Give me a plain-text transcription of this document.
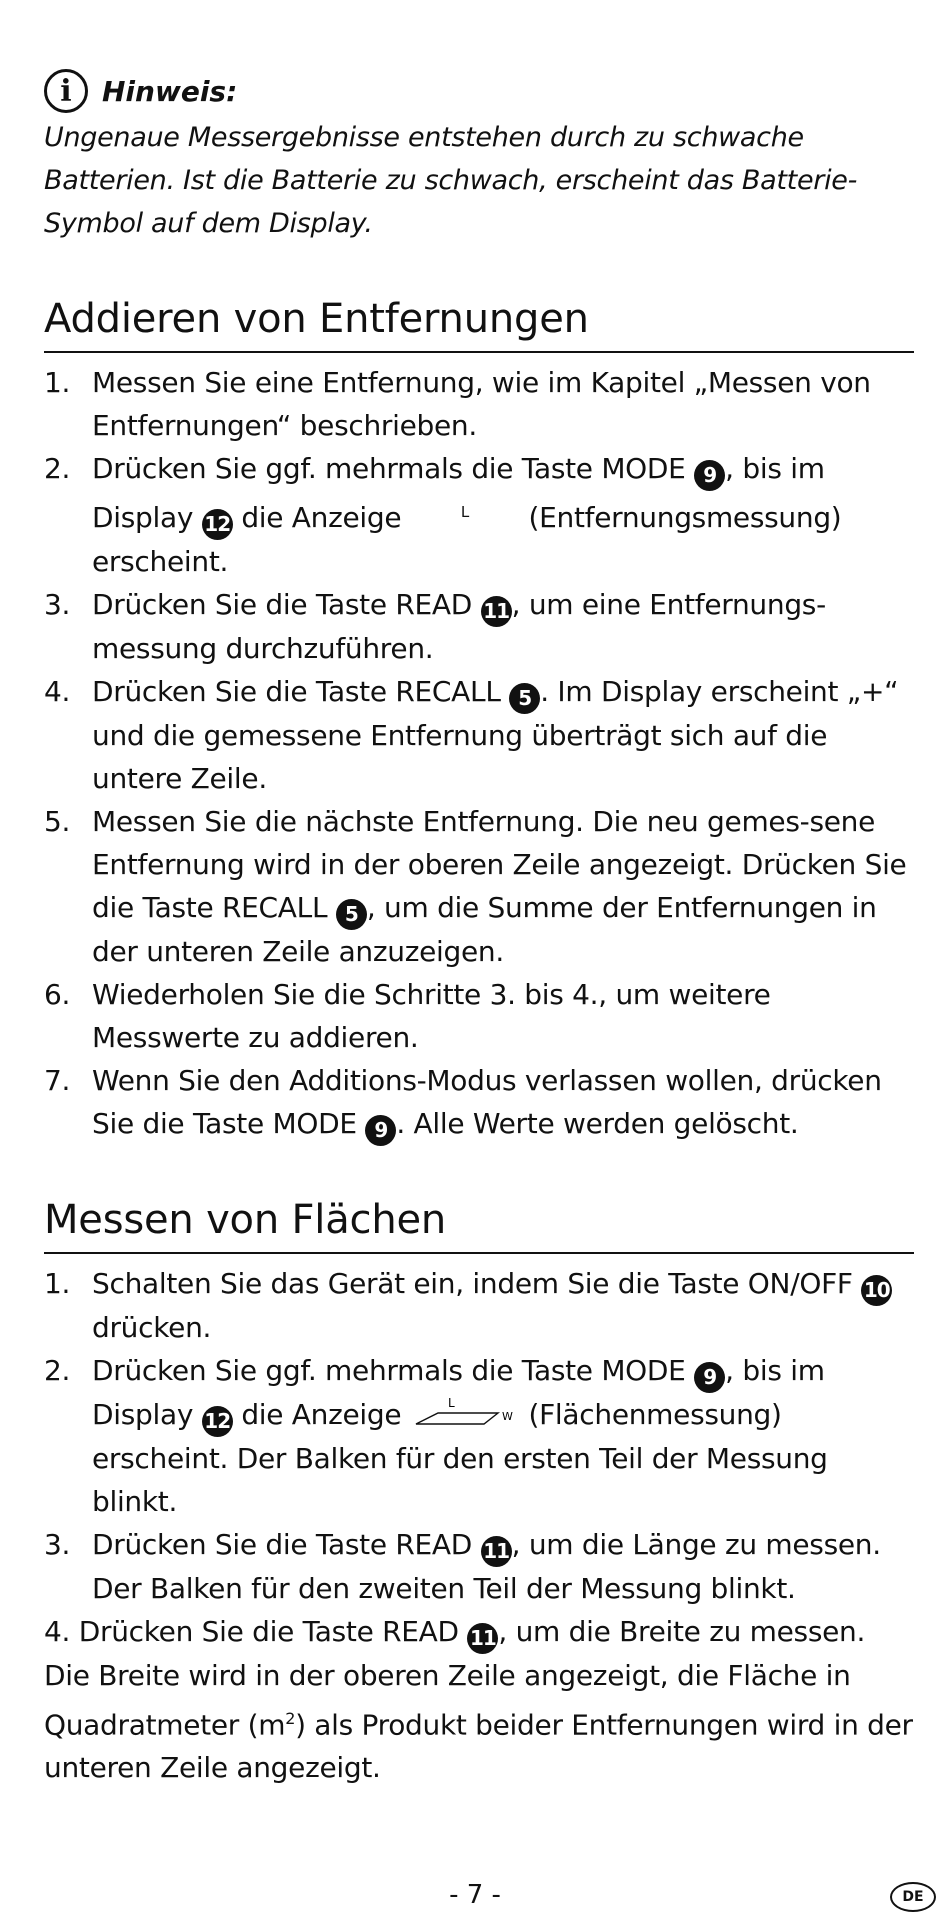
i	Hinweis:
Ungenaue Messergebnisse entstehen durch zu schwache
Batterien. Ist die Batterie zu schwach, erscheint das Batterie-
Symbol auf dem Display.
Addieren von Entfernungen
1. Messen Sie eine Entfernung, wie im Kapitel „Messen von Entfernungen“ beschrieben.
2. Drücken Sie ggf. mehrmals die Taste MODE 9 , bis im Display 12 die Anzeige	L (Entfernungsmessung) erscheint.
3. Drücken Sie die Taste READ 11, um eine Entfernungs-messung durchzuführen.
4. Drücken Sie die Taste RECALL 5 . Im Display erscheint „+“ und die gemessene Entfernung überträgt sich auf die untere Zeile.
5. Messen Sie die nächste Entfernung. Die neu gemes-sene Entfernung wird in der oberen Zeile angezeigt. Drücken Sie die Taste RECALL 5 , um die Summe der Entfernungen in der unteren Zeile anzuzeigen.
6. Wiederholen Sie die Schritte 3. bis 4., um weitere Messwerte zu addieren.
7. Wenn Sie den Additions-Modus verlassen wollen, drücken Sie die Taste MODE 9 . Alle Werte werden gelöscht.
Messen von Flächen
1. Schalten Sie das Gerät ein, indem Sie die Taste ON/OFF 10 drücken.
2. Drücken Sie ggf. mehrmals die Taste MODE 9 , bis im Display 12 die Anzeige	L
W (Flächenmessung) erscheint. Der Balken für den ersten Teil der Messung blinkt.
3. Drücken Sie die Taste READ 11, um die Länge zu messen. Der Balken für den zweiten Teil der Messung blinkt.
4. Drücken Sie die Taste READ 11, um die Breite zu messen. Die Breite wird in der oberen Zeile angezeigt, die Fläche in Quadratmeter $(m^2)$ als Produkt beider Entfernungen wird in der unteren Zeile angezeigt.
- 7 -	DE
